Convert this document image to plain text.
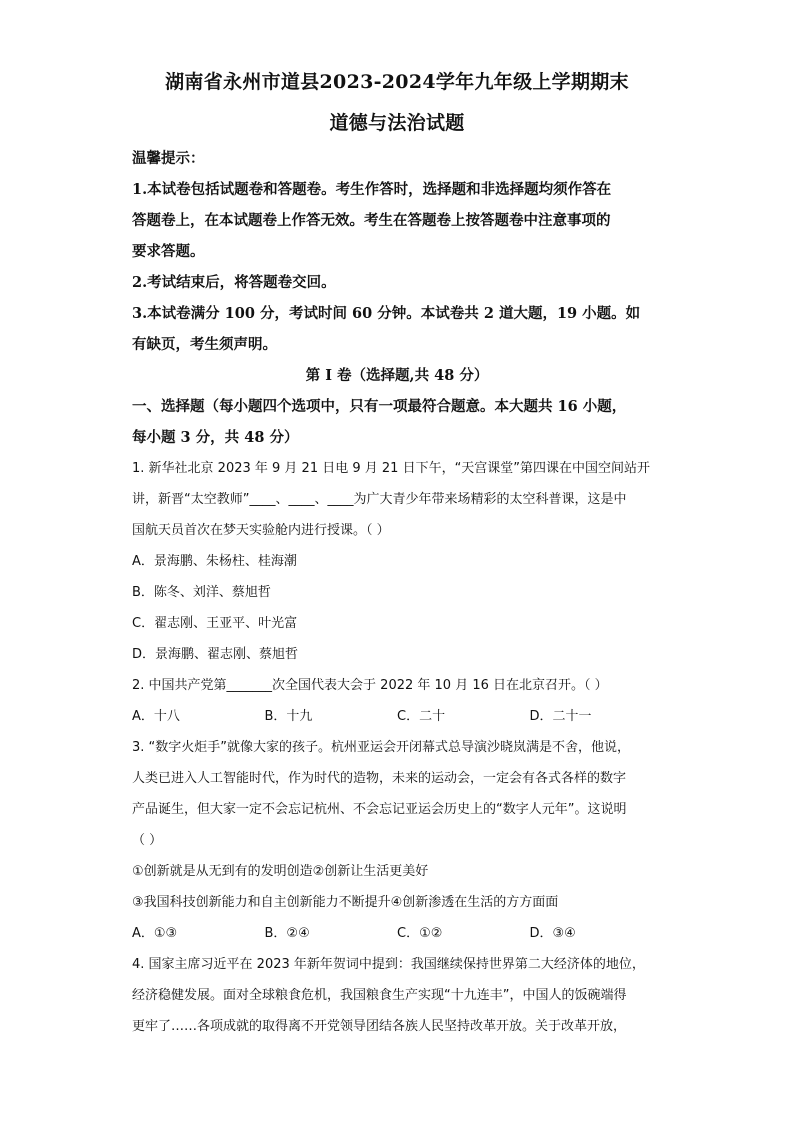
湖南省永州市道县2023-2024学年九年级上学期期末

道德与法治试题

温馨提示：

1.本试卷包括试题卷和答题卷。考生作答时，选择题和非选择题均须作答在

答题卷上，在本试题卷上作答无效。考生在答题卷上按答题卷中注意事项的

要求答题。

2.考试结束后，将答题卷交回。

3.本试卷满分 100 分，考试时间 60 分钟。本试卷共 2 道大题，19 小题。如

有缺页，考生须声明。

第 I 卷（选择题,共 48 分）

一、选择题（每小题四个选项中，只有一项最符合题意。本大题共 16 小题，

每小题 3 分，共 48 分）

1. 新华社北京 2023 年 9 月 21 日电 9 月 21 日下午，“天宫课堂”第四课在中国空间站开

讲，新晋“太空教师”____、____、____为广大青少年带来场精彩的太空科普课，这是中

国航天员首次在梦天实验舱内进行授课。（ ）

A．景海鹏、朱杨柱、桂海潮

B．陈冬、刘洋、蔡旭哲

C．翟志刚、王亚平、叶光富

D．景海鹏、翟志刚、蔡旭哲

2. 中国共产党第_______次全国代表大会于 2022 年 10 月 16 日在北京召开。（ ）

A．十八	B．十九	C．二十	D．二十一

3. “数字火炬手”就像大家的孩子。杭州亚运会开闭幕式总导演沙晓岚满是不舍，他说，

人类已进入人工智能时代，作为时代的造物，未来的运动会，一定会有各式各样的数字

产品诞生，但大家一定不会忘记杭州、不会忘记亚运会历史上的“数字人元年”。这说明

（ ）

①创新就是从无到有的发明创造②创新让生活更美好

③我国科技创新能力和自主创新能力不断提升④创新渗透在生活的方方面面

A．①③	B．②④	C．①②	D．③④

4. 国家主席习近平在 2023 年新年贺词中提到：我国继续保持世界第二大经济体的地位，

经济稳健发展。面对全球粮食危机，我国粮食生产实现“十九连丰”，中国人的饭碗端得

更牢了……各项成就的取得离不开党领导团结各族人民坚持改革开放。关于改革开放，
